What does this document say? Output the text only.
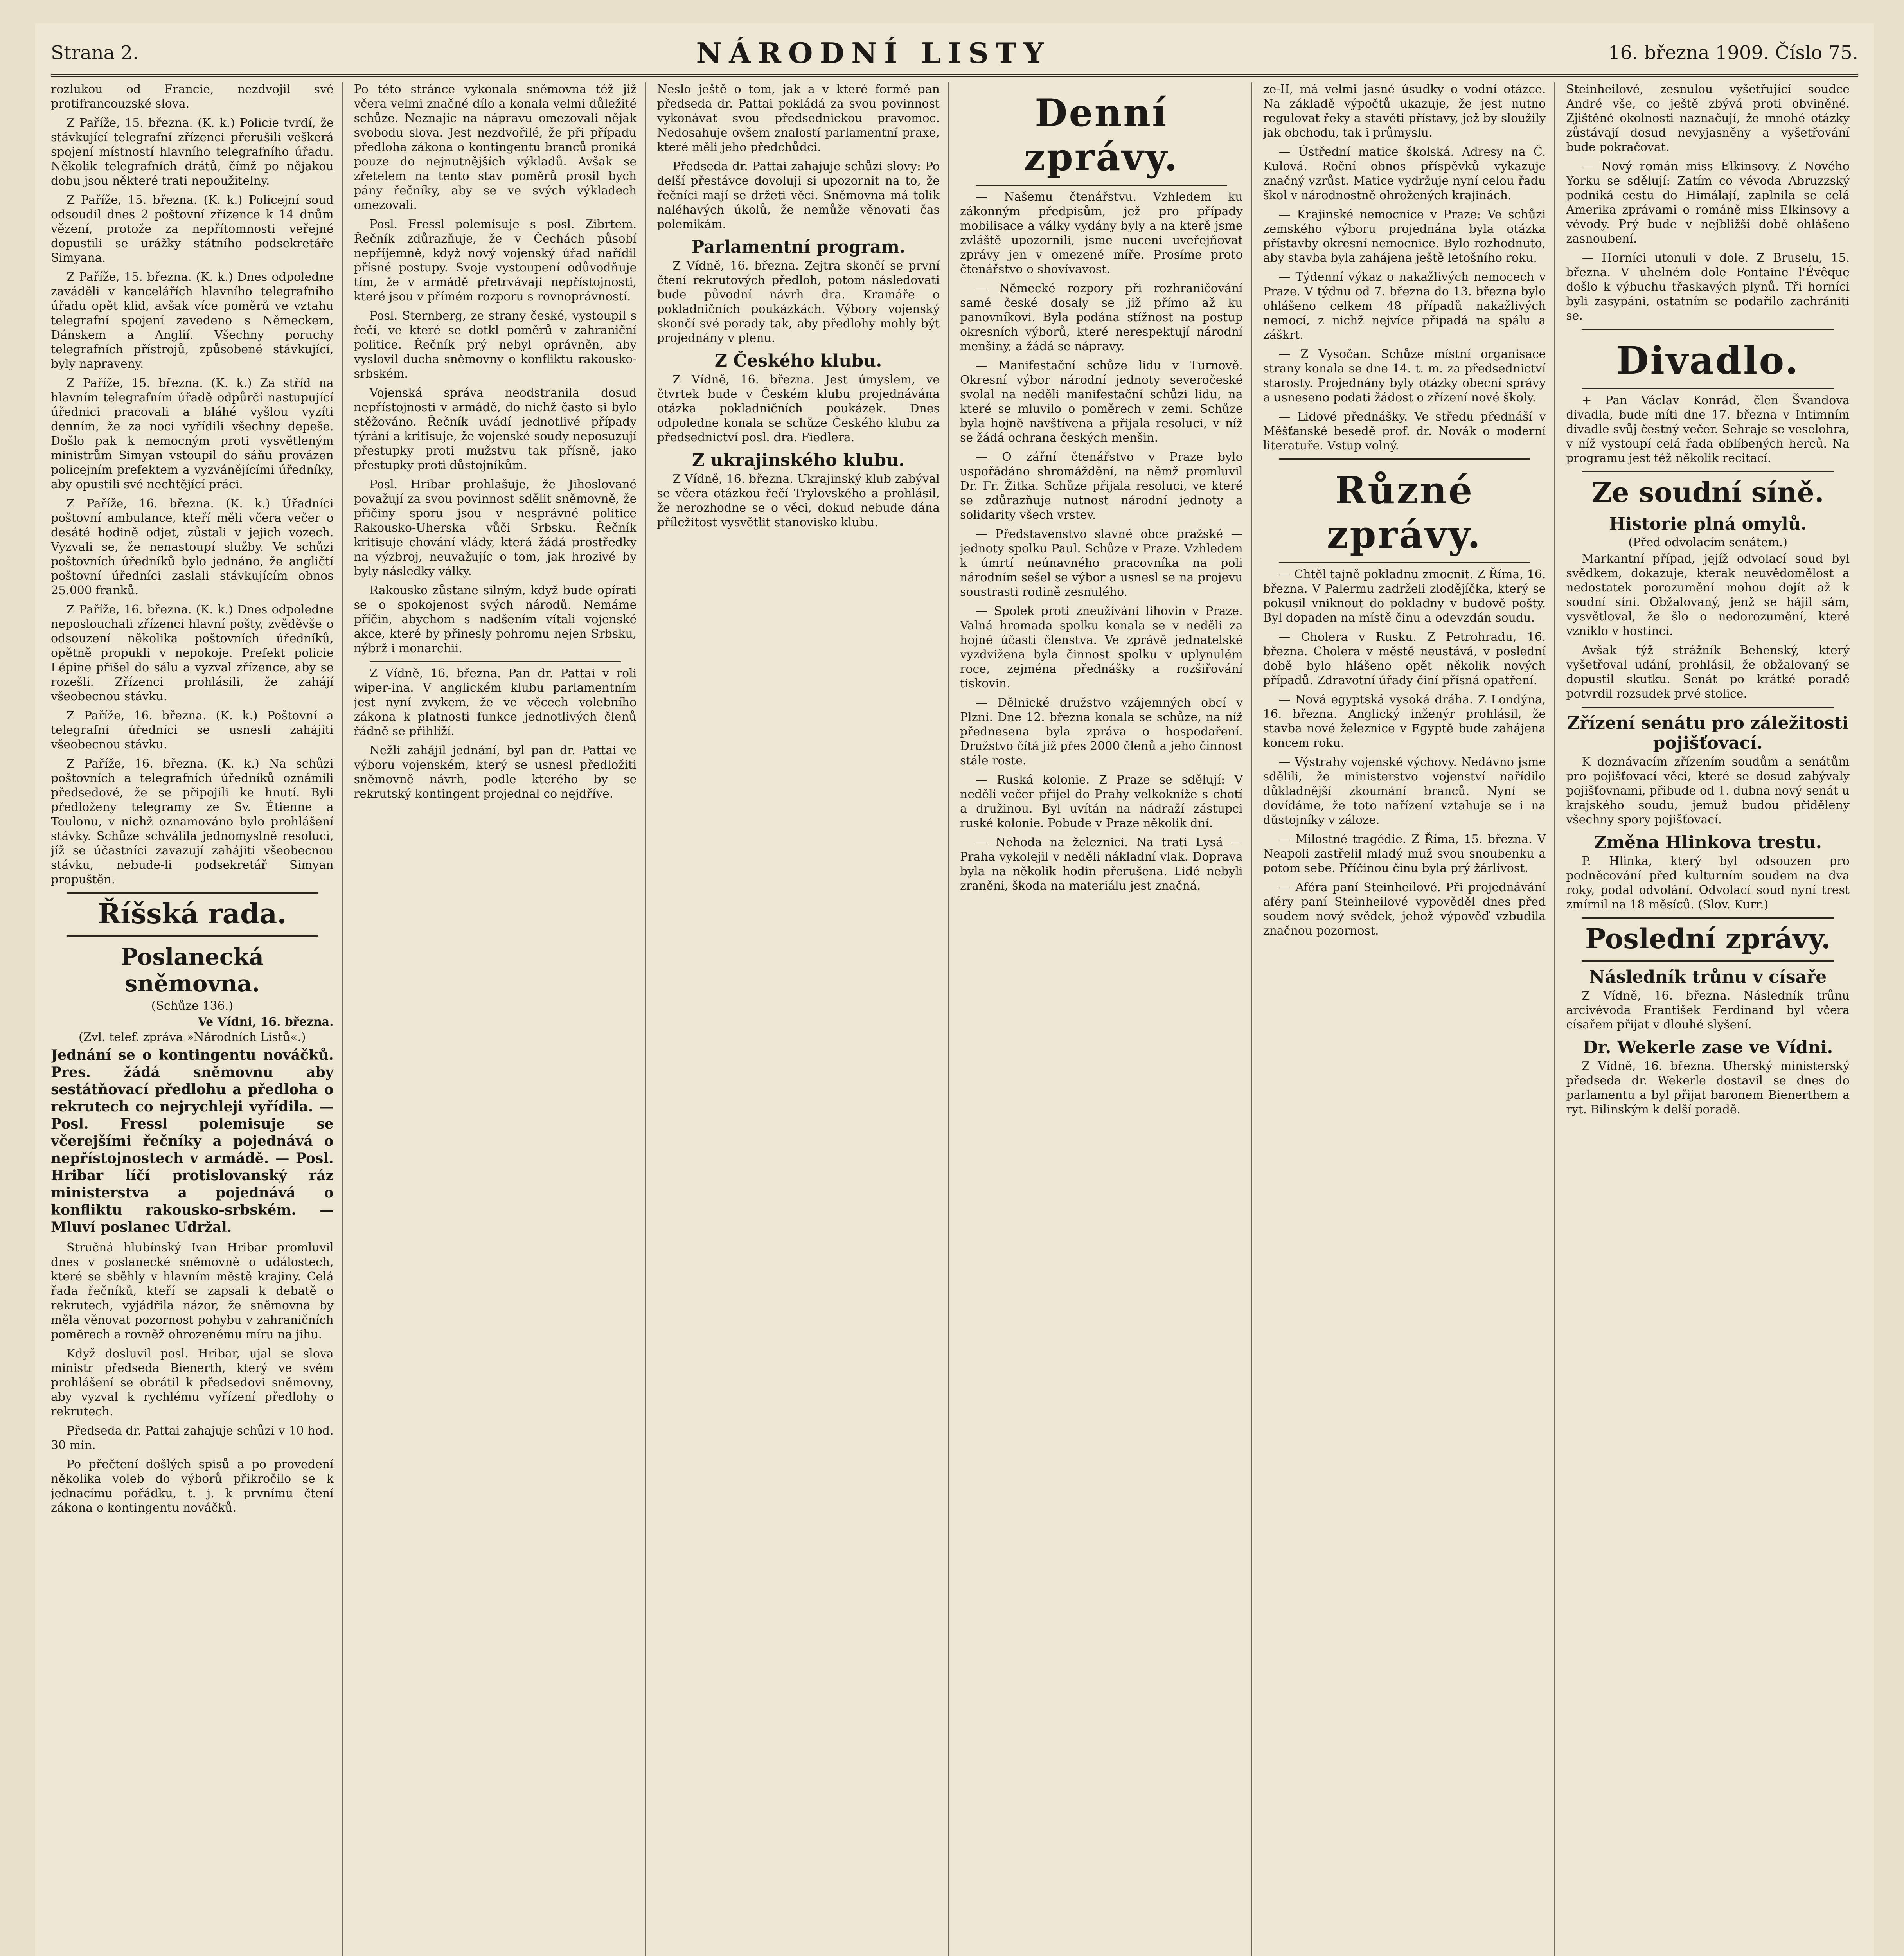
Strana 2.	NÁRODNÍ LISTY	16. března 1909. Číslo 75.

rozlukou od Francie, nezdvojil své protifrancouzské slova.

Z Paříže, 15. března. (K. k.) Policie tvrdí, že stávkující telegrafní zřízenci přerušili veškerá spojení místností hlavního telegrafního úřadu. Několik telegrafních drátů, čímž po nějakou dobu jsou některé trati nepoužitelny.

Z Paříže, 15. března. (K. k.) Policejní soud odsoudil dnes 2 poštovní zřízence k 14 dnům vězení, protože za nepřítomnosti veřejné dopustili se urážky státního podsekretáře Simyana.

Z Paříže, 15. března. (K. k.) Dnes odpoledne zaváděli v kancelářích hlavního telegrafního úřadu opět klid, avšak více poměrů ve vztahu telegrafní spojení zavedeno s Německem, Dánskem a Anglií. Všechny poruchy telegrafních přístrojů, způsobené stávkující, byly napraveny.

Z Paříže, 15. března. (K. k.) Za stříd na hlavním telegrafním úřadě odpůrčí nastupující úřednici pracovali a bláhé vyšlou vyzíti denním, že za noci vyřídili všechny depeše. Došlo pak k nemocným proti vysvětleným ministrům Simyan vstoupil do sáňu provázen policejním prefektem a vyzvánějícími úředníky, aby opustili své nechtějící práci.

Z Paříže, 16. března. (K. k.) Úřadníci poštovní ambulance, kteří měli včera večer o desáté hodině odjet, zůstali v jejich vozech. Vyzvali se, že nenastoupí služby. Ve schůzi poštovních úředníků bylo jednáno, že angličtí poštovní úředníci zaslali stávkujícím obnos 25.000 franků.

Z Paříže, 16. března. (K. k.) Dnes odpoledne neposlouchali zřízenci hlavní pošty, zvěděvše o odsouzení několika poštovních úředníků, opětně propukli v nepokoje. Prefekt policie Lépine přišel do sálu a vyzval zřízence, aby se rozešli. Zřízenci prohlásili, že zahájí všeobecnou stávku.

Z Paříže, 16. března. (K. k.) Poštovní a telegrafní úředníci se usnesli zahájiti všeobecnou stávku.

Z Paříže, 16. března. (K. k.) Na schůzi poštovních a telegrafních úředníků oznámili předsedové, že se připojili ke hnutí. Byli předloženy telegramy ze Sv. Étienne a Toulonu, v nichž oznamováno bylo prohlášení stávky. Schůze schválila jednomyslně resoluci, jíž se účastníci zavazují zahájiti všeobecnou stávku, nebude-li podsekretář Simyan propuštěn.

Říšská rada.
Poslanecká sněmovna.
(Schůze 136.)
Ve Vídni, 16. března.
(Zvl. telef. zpráva »Národních Listů«.)

Jednání se o kontingentu nováčků. Pres. žádá sněmovnu aby sestátňovací předlohu a předloha o rekrutech co nejrychleji vyřídila. — Posl. Fressl polemisuje se včerejšími řečníky a pojednává o nepřístojnostech v armádě. — Posl. Hribar líčí protislovanský ráz ministerstva a pojednává o konfliktu rakousko-srbském. — Mluví poslanec Udržal.

Stručná hlubínský Ivan Hribar promluvil dnes v poslanecké sněmovně o událostech, které se sběhly v hlavním městě krajiny. Celá řada řečníků, kteří se zapsali k debatě o rekrutech, vyjádřila názor, že sněmovna by měla věnovat pozornost pohybu v zahraničních poměrech a rovněž ohrozenému míru na jihu.

Když dosluvil posl. Hribar, ujal se slova ministr předseda Bienerth, který ve svém prohlášení se obrátil k předsedovi sněmovny, aby vyzval k rychlému vyřízení předlohy o rekrutech.

Předseda dr. Pattai zahajuje schůzi v 10 hod. 30 min.

Po přečtení došlých spisů a po provedení několika voleb do výborů přikročilo se k jednacímu pořádku, t. j. k prvnímu čtení zákona o kontingentu nováčků.

Po této stránce vykonala sněmovna též již včera velmi značné dílo a konala velmi důležité schůze. Neznajíc na nápravu omezovali nějak svobodu slova. Jest nezdvořilé, že při případu předloha zákona o kontingentu branců proniká pouze do nejnutnějších výkladů. Avšak se zřetelem na tento stav poměrů prosil bych pány řečníky, aby se ve svých výkladech omezovali.

Posl. Fressl polemisuje s posl. Zibrtem. Řečník zdůrazňuje, že v Čechách působí nepříjemně, když nový vojenský úřad nařídil přísné postupy. Svoje vystoupení odůvodňuje tím, že v armádě přetrvávají nepřístojnosti, které jsou v přímém rozporu s rovnoprávností.

Posl. Sternberg, ze strany české, vystoupil s řečí, ve které se dotkl poměrů v zahraniční politice. Řečník prý nebyl oprávněn, aby vyslovil ducha sněmovny o konfliktu rakousko-srbském.

Vojenská správa neodstranila dosud nepřístojnosti v armádě, do nichž často si bylo stěžováno. Řečník uvádí jednotlivé případy týrání a kritisuje, že vojenské soudy neposuzují přestupky proti mužstvu tak přísně, jako přestupky proti důstojníkům.

Posl. Hribar prohlašuje, že Jihoslované považují za svou povinnost sdělit sněmovně, že přičiny sporu jsou v nesprávné politice Rakousko-Uherska vůči Srbsku. Řečník kritisuje chování vlády, která žádá prostředky na výzbroj, neuvažujíc o tom, jak hrozivé by byly následky války.

Rakousko zůstane silným, když bude opírati se o spokojenost svých národů. Nemáme příčin, abychom s nadšením vítali vojenské akce, které by přinesly pohromu nejen Srbsku, nýbrž i monarchii.

Z Vídně, 16. března. Pan dr. Pattai v roli wiper-ina. V anglickém klubu parlamentním jest nyní zvykem, že ve věcech volebního zákona k platnosti funkce jednotlivých členů řádně se přihlíží.

Nežli zahájil jednání, byl pan dr. Pattai ve výboru vojenském, který se usnesl předložiti sněmovně návrh, podle kterého by se rekrutský kontingent projednal co nejdříve.

Neslo ještě o tom, jak a v které formě pan předseda dr. Pattai pokládá za svou povinnost vykonávat svou předsednickou pravomoc. Nedosahuje ovšem znalostí parlamentní praxe, které měli jeho předchůdci.

Předseda dr. Pattai zahajuje schůzi slovy: Po delší přestávce dovoluji si upozornit na to, že řečníci mají se držeti věci. Sněmovna má tolik naléhavých úkolů, že nemůže věnovati čas polemikám.

Parlamentní program.

Z Vídně, 16. března. Zejtra skončí se první čtení rekrutových předloh, potom následovati bude původní návrh dra. Kramáře o pokladničních poukázkách. Výbory vojenský skončí své porady tak, aby předlohy mohly být projednány v plenu.

Z Českého klubu.

Z Vídně, 16. března. Jest úmyslem, ve čtvrtek bude v Českém klubu projednávána otázka pokladničních poukázek. Dnes odpoledne konala se schůze Českého klubu za předsednictví posl. dra. Fiedlera.

Z ukrajinského klubu.

Z Vídně, 16. března. Ukrajinský klub zabýval se včera otázkou řečí Trylovského a prohlásil, že nerozhodne se o věci, dokud nebude dána příležitost vysvětlit stanovisko klubu.

Denní zprávy.

— Našemu čtenářstvu. Vzhledem ku zákonným předpisům, jež pro případy mobilisace a války vydány byly a na kterě jsme zvláště upozornili, jsme nuceni uveřejňovat zprávy jen v omezené míře. Prosíme proto čtenářstvo o shovívavost.

— Německé rozpory při rozhraničování samé české dosaly se již přímo až ku panovníkovi. Byla podána stížnost na postup okresních výborů, které nerespektují národní menšiny, a žádá se nápravy.

— Manifestační schůze lidu v Turnově. Okresní výbor národní jednoty severočeské svolal na neděli manifestační schůzi lidu, na které se mluvilo o poměrech v zemi. Schůze byla hojně navštívena a přijala resoluci, v níž se žádá ochrana českých menšin.

— O zářní čtenářstvo v Praze bylo uspořádáno shromáždění, na němž promluvil Dr. Fr. Žitka. Schůze přijala resoluci, ve které se zdůrazňuje nutnost národní jednoty a solidarity všech vrstev.

— Představenstvo slavné obce pražské — jednoty spolku Paul. Schůze v Praze. Vzhledem k úmrtí neúnavného pracovníka na poli národním sešel se výbor a usnesl se na projevu soustrasti rodině zesnulého.

— Spolek proti zneužívání lihovin v Praze. Valná hromada spolku konala se v neděli za hojné účasti členstva. Ve zprávě jednatelské vyzdvižena byla činnost spolku v uplynulém roce, zejména přednášky a rozšiřování tiskovin.

— Dělnické družstvo vzájemných obcí v Plzni. Dne 12. března konala se schůze, na níž přednesena byla zpráva o hospodaření. Družstvo čítá již přes 2000 členů a jeho činnost stále roste.

— Ruská kolonie. Z Praze se sdělují: V neděli večer přijel do Prahy velkokníže s chotí a družinou. Byl uvítán na nádraží zástupci ruské kolonie. Pobude v Praze několik dní.

— Nehoda na železnici. Na trati Lysá — Praha vykolejil v neděli nákladní vlak. Doprava byla na několik hodin přerušena. Lidé nebyli zraněni, škoda na materiálu jest značná.

ze-II, má velmi jasné úsudky o vodní otázce. Na základě výpočtů ukazuje, že jest nutno regulovat řeky a stavěti přístavy, jež by sloužily jak obchodu, tak i průmyslu.

— Ústřední matice školská. Adresy na Č. Kulová. Roční obnos příspěvků vykazuje značný vzrůst. Matice vydržuje nyní celou řadu škol v národnostně ohrožených krajinách.

— Krajinské nemocnice v Praze: Ve schůzi zemského výboru projednána byla otázka přístavby okresní nemocnice. Bylo rozhodnuto, aby stavba byla zahájena ještě letošního roku.

— Týdenní výkaz o nakažlivých nemocech v Praze. V týdnu od 7. března do 13. března bylo ohlášeno celkem 48 případů nakažlivých nemocí, z nichž nejvíce připadá na spálu a záškrt.

— Z Vysočan. Schůze místní organisace strany konala se dne 14. t. m. za předsednictví starosty. Projednány byly otázky obecní správy a usneseno podati žádost o zřízení nové školy.

— Lidové přednášky. Ve středu přednáší v Měšťanské besedě prof. dr. Novák o moderní literatuře. Vstup volný.

Různé zprávy.

— Chtěl tajně pokladnu zmocnit. Z Říma, 16. března. V Palermu zadrželi zlodějíčka, který se pokusil vniknout do pokladny v budově pošty. Byl dopaden na místě činu a odevzdán soudu.

— Cholera v Rusku. Z Petrohradu, 16. března. Cholera v městě neustává, v poslední době bylo hlášeno opět několik nových případů. Zdravotní úřady činí přísná opatření.

— Nová egyptská vysoká dráha. Z Londýna, 16. března. Anglický inženýr prohlásil, že stavba nové železnice v Egyptě bude zahájena koncem roku.

— Výstrahy vojenské výchovy. Nedávno jsme sdělili, že ministerstvo vojenství nařídilo důkladnější zkoumání branců. Nyní se dovídáme, že toto nařízení vztahuje se i na důstojníky v záloze.

— Milostné tragédie. Z Říma, 15. března. V Neapoli zastřelil mladý muž svou snoubenku a potom sebe. Příčinou činu byla prý žárlivost.

— Aféra paní Steinheilové. Při projednávání aféry paní Steinheilové vypověděl dnes před soudem nový svědek, jehož výpověď vzbudila značnou pozornost.

Steinheilové, zesnulou vyšetřující soudce André vše, co ještě zbývá proti obviněné. Zjištěné okolnosti naznačují, že mnohé otázky zůstávají dosud nevyjasněny a vyšetřování bude pokračovat.

— Nový román miss Elkinsovy. Z Nového Yorku se sdělují: Zatím co vévoda Abruzzský podniká cestu do Himálají, zaplnila se celá Amerika zprávami o románě miss Elkinsovy a vévody. Prý bude v nejbližší době ohlášeno zasnoubení.

— Horníci utonuli v dole. Z Bruselu, 15. března. V uhelném dole Fontaine l'Évêque došlo k výbuchu třaskavých plynů. Tři horníci byli zasypáni, ostatním se podařilo zachrániti se.

Divadlo.

+ Pan Václav Konrád, člen Švandova divadla, bude míti dne 17. března v Intimním divadle svůj čestný večer. Sehraje se veselohra, v níž vystoupí celá řada oblíbených herců. Na programu jest též několik recitací.

Ze soudní síně.
Historie plná omylů.
(Před odvolacím senátem.)

Markantní případ, jejíž odvolací soud byl svědkem, dokazuje, kterak neuvědomělost a nedostatek porozumění mohou dojít až k soudní síni. Obžalovaný, jenž se hájil sám, vysvětloval, že šlo o nedorozumění, které vzniklo v hostinci.

Avšak týž strážník Behenský, který vyšetřoval udání, prohlásil, že obžalovaný se dopustil skutku. Senát po krátké poradě potvrdil rozsudek prvé stolice.

Zřízení senátu pro záležitosti pojišťovací.

K doznávacím zřízením soudům a senátům pro pojišťovací věci, které se dosud zabývaly pojišťovnami, přibude od 1. dubna nový senát u krajského soudu, jemuž budou přiděleny všechny spory pojišťovací.

Změna Hlinkova trestu.

P. Hlinka, který byl odsouzen pro podněcování před kulturním soudem na dva roky, podal odvolání. Odvolací soud nyní trest zmírnil na 18 měsíců. (Slov. Kurr.)

Poslední zprávy.
Následník trůnu v císaře

Z Vídně, 16. března. Následník trůnu arcivévoda František Ferdinand byl včera císařem přijat v dlouhé slyšení.

Dr. Wekerle zase ve Vídni.

Z Vídně, 16. března. Uherský ministerský předseda dr. Wekerle dostavil se dnes do parlamentu a byl přijat baronem Bienerthem a ryt. Bilinským k delší poradě.
